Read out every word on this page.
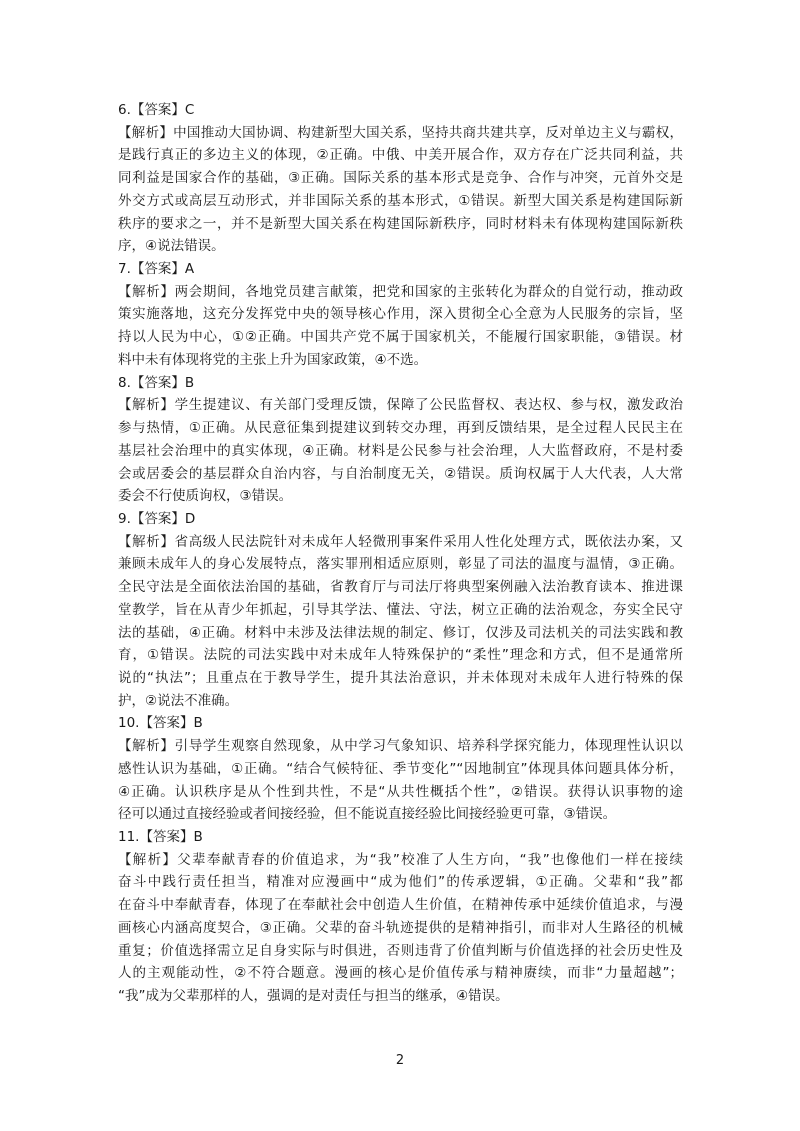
6.【答案】C
【解析】中国推动大国协调、构建新型大国关系，坚持共商共建共享，反对单边主义与霸权，
是践行真正的多边主义的体现，②正确。中俄、中美开展合作，双方存在广泛共同利益，共
同利益是国家合作的基础，③正确。国际关系的基本形式是竞争、合作与冲突，元首外交是
外交方式或高层互动形式，并非国际关系的基本形式，①错误。新型大国关系是构建国际新
秩序的要求之一，并不是新型大国关系在构建国际新秩序，同时材料未有体现构建国际新秩
序，④说法错误。
7.【答案】A
【解析】两会期间，各地党员建言献策，把党和国家的主张转化为群众的自觉行动，推动政
策实施落地，这充分发挥党中央的领导核心作用，深入贯彻全心全意为人民服务的宗旨，坚
持以人民为中心，①②正确。中国共产党不属于国家机关，不能履行国家职能，③错误。材
料中未有体现将党的主张上升为国家政策，④不选。
8.【答案】B
【解析】学生提建议、有关部门受理反馈，保障了公民监督权、表达权、参与权，激发政治
参与热情，①正确。从民意征集到提建议到转交办理，再到反馈结果，是全过程人民民主在
基层社会治理中的真实体现，④正确。材料是公民参与社会治理，人大监督政府，不是村委
会或居委会的基层群众自治内容，与自治制度无关，②错误。质询权属于人大代表，人大常
委会不行使质询权，③错误。
9.【答案】D
【解析】省高级人民法院针对未成年人轻微刑事案件采用人性化处理方式，既依法办案，又
兼顾未成年人的身心发展特点，落实罪刑相适应原则，彰显了司法的温度与温情，③正确。
全民守法是全面依法治国的基础，省教育厅与司法厅将典型案例融入法治教育读本、推进课
堂教学，旨在从青少年抓起，引导其学法、懂法、守法，树立正确的法治观念，夯实全民守
法的基础，④正确。材料中未涉及法律法规的制定、修订，仅涉及司法机关的司法实践和教
育，①错误。法院的司法实践中对未成年人特殊保护的“柔性”理念和方式，但不是通常所
说的“执法”；且重点在于教导学生，提升其法治意识，并未体现对未成年人进行特殊的保
护，②说法不准确。
10.【答案】B
【解析】引导学生观察自然现象，从中学习气象知识、培养科学探究能力，体现理性认识以
感性认识为基础，①正确。“结合气候特征、季节变化”“因地制宜”体现具体问题具体分析，
④正确。认识秩序是从个性到共性，不是“从共性概括个性”，②错误。获得认识事物的途
径可以通过直接经验或者间接经验，但不能说直接经验比间接经验更可靠，③错误。
11.【答案】B
【解析】父辈奉献青春的价值追求，为“我”校准了人生方向，“我”也像他们一样在接续
奋斗中践行责任担当，精准对应漫画中“成为他们”的传承逻辑，①正确。父辈和“我”都
在奋斗中奉献青春，体现了在奉献社会中创造人生价值，在精神传承中延续价值追求，与漫
画核心内涵高度契合，③正确。父辈的奋斗轨迹提供的是精神指引，而非对人生路径的机械
重复；价值选择需立足自身实际与时俱进，否则违背了价值判断与价值选择的社会历史性及
人的主观能动性，②不符合题意。漫画的核心是价值传承与精神赓续，而非“力量超越”；
“我”成为父辈那样的人，强调的是对责任与担当的继承，④错误。
2
